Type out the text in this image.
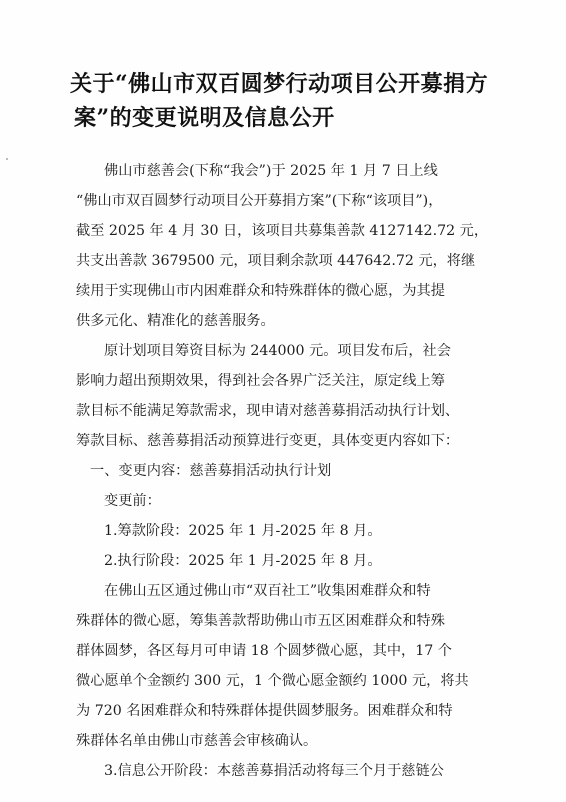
关于“佛山市双百圆梦行动项目公开募捐方
案”的变更说明及信息公开
佛山市慈善会(下称“我会”)于 2025 年 1 月 7 日上线
“佛山市双百圆梦行动项目公开募捐方案”(下称“该项目”)，
截至 2025 年 4 月 30 日，该项目共募集善款 4127142.72 元，
共支出善款 3679500 元，项目剩余款项 447642.72 元，将继
续用于实现佛山市内困难群众和特殊群体的微心愿，为其提
供多元化、精准化的慈善服务。
原计划项目筹资目标为 244000 元。项目发布后，社会
影响力超出预期效果，得到社会各界广泛关注，原定线上筹
款目标不能满足筹款需求，现申请对慈善募捐活动执行计划、
筹款目标、慈善募捐活动预算进行变更，具体变更内容如下：
一、变更内容：慈善募捐活动执行计划
变更前：
1.筹款阶段：2025 年 1 月-2025 年 8 月。
2.执行阶段：2025 年 1 月-2025 年 8 月。
在佛山五区通过佛山市“双百社工”收集困难群众和特
殊群体的微心愿，筹集善款帮助佛山市五区困难群众和特殊
群体圆梦，各区每月可申请 18 个圆梦微心愿，其中，17 个
微心愿单个金额约 300 元，1 个微心愿金额约 1000 元，将共
为 720 名困难群众和特殊群体提供圆梦服务。困难群众和特
殊群体名单由佛山市慈善会审核确认。
3.信息公开阶段：本慈善募捐活动将每三个月于慈链公
